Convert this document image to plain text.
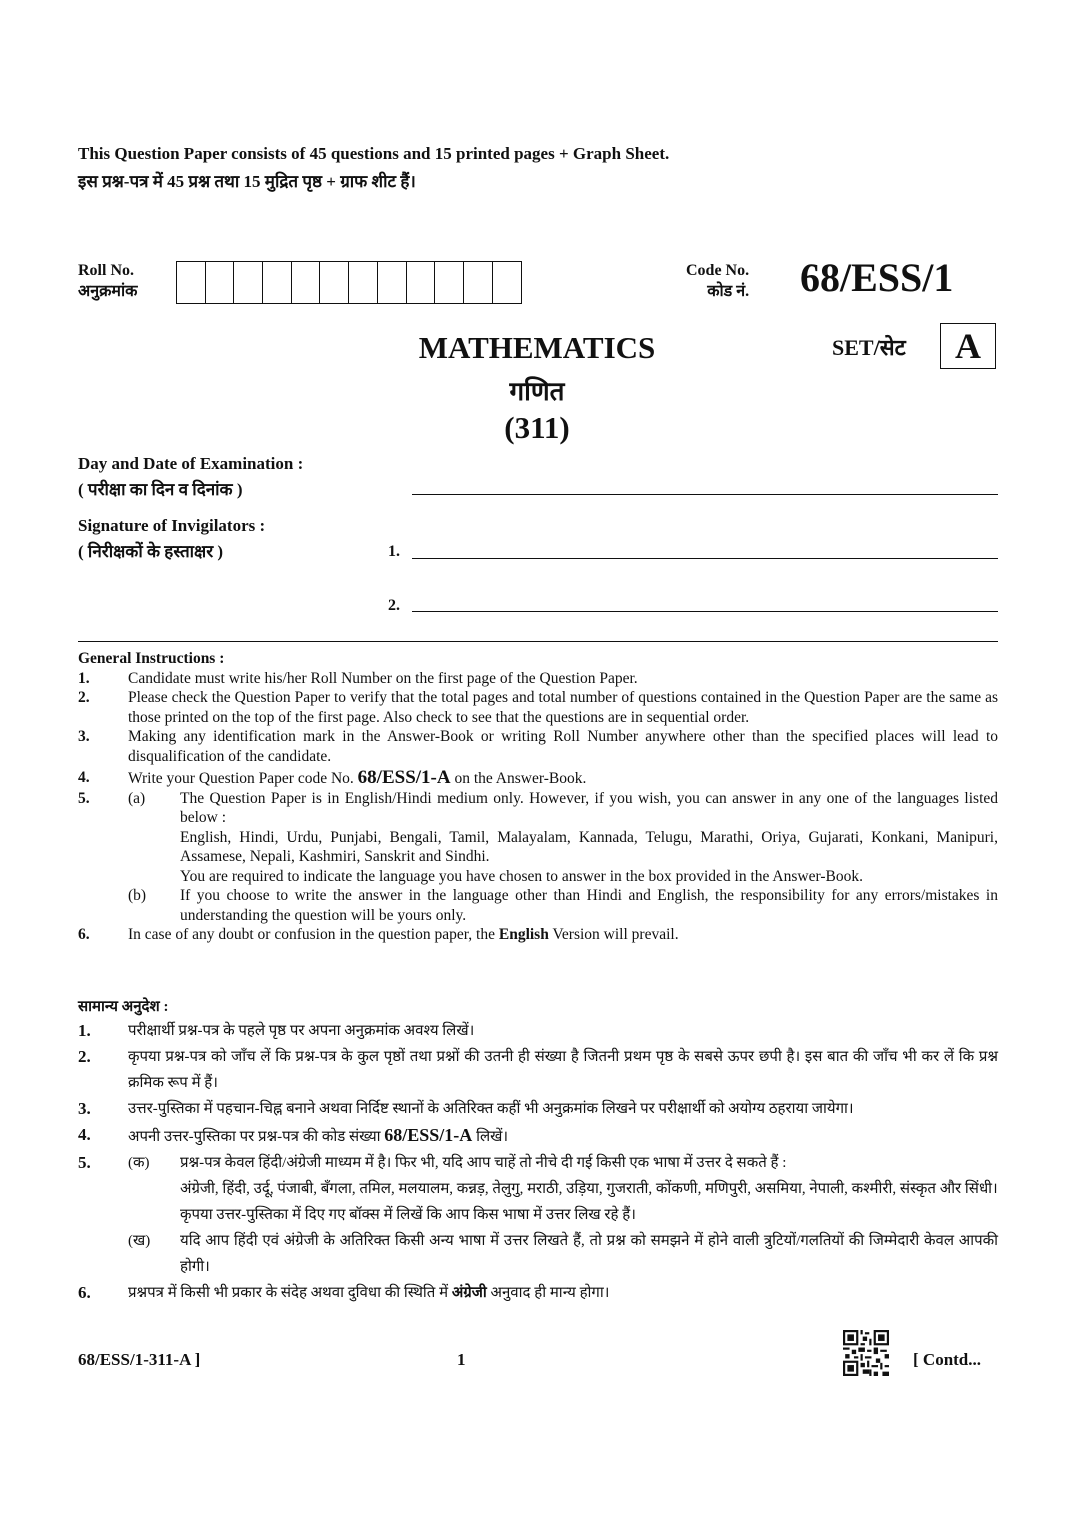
This Question Paper consists of 45 questions and 15 printed pages + Graph Sheet.
इस प्रश्न-पत्र में 45 प्रश्न तथा 15 मुद्रित पृष्ठ + ग्राफ शीट हैं।
Roll No.
अनुक्रमांक
Code No.
कोड नं. 68/ESS/1
SET/सेट	A
MATHEMATICS
गणित
(311)
Day and Date of Examination :
( परीक्षा का दिन व दिनांक )
Signature of Invigilators :
( निरीक्षकों के हस्ताक्षर )	1.
2.
General Instructions :
1.	Candidate must write his/her Roll Number on the first page of the Question Paper.
2.	Please check the Question Paper to verify that the total pages and total number of questions contained in the Question Paper are the same as those printed on the top of the first page. Also check to see that the questions are in sequential order.
3.	Making any identification mark in the Answer-Book or writing Roll Number anywhere other than the specified places will lead to disqualification of the candidate.
4.	Write your Question Paper code No. 68/ESS/1-A on the Answer-Book.
5.	(a)	The Question Paper is in English/Hindi medium only. However, if you wish, you can answer in any one of the languages listed below :
English, Hindi, Urdu, Punjabi, Bengali, Tamil, Malayalam, Kannada, Telugu, Marathi, Oriya, Gujarati, Konkani, Manipuri, Assamese, Nepali, Kashmiri, Sanskrit and Sindhi.
You are required to indicate the language you have chosen to answer in the box provided in the Answer-Book.
(b)	If you choose to write the answer in the language other than Hindi and English, the responsibility for any errors/mistakes in understanding the question will be yours only.
6.	In case of any doubt or confusion in the question paper, the English Version will prevail.
सामान्य अनुदेश :
1.	परीक्षार्थी प्रश्न-पत्र के पहले पृष्ठ पर अपना अनुक्रमांक अवश्य लिखें।
2.	कृपया प्रश्न-पत्र को जाँच लें कि प्रश्न-पत्र के कुल पृष्ठों तथा प्रश्नों की उतनी ही संख्या है जितनी प्रथम पृष्ठ के सबसे ऊपर छपी है। इस बात की जाँच भी कर लें कि प्रश्न क्रमिक रूप में हैं।
3.	उत्तर-पुस्तिका में पहचान-चिह्न बनाने अथवा निर्दिष्ट स्थानों के अतिरिक्त कहीं भी अनुक्रमांक लिखने पर परीक्षार्थी को अयोग्य ठहराया जायेगा।
4.	अपनी उत्तर-पुस्तिका पर प्रश्न-पत्र की कोड संख्या 68/ESS/1-A लिखें।
5.	(क)	प्रश्न-पत्र केवल हिंदी/अंग्रेजी माध्यम में है। फिर भी, यदि आप चाहें तो नीचे दी गई किसी एक भाषा में उत्तर दे सकते हैं :
अंग्रेजी, हिंदी, उर्दू, पंजाबी, बँगला, तमिल, मलयालम, कन्नड़, तेलुगु, मराठी, उड़िया, गुजराती, कोंकणी, मणिपुरी, असमिया, नेपाली, कश्मीरी, संस्कृत और सिंधी।
कृपया उत्तर-पुस्तिका में दिए गए बॉक्स में लिखें कि आप किस भाषा में उत्तर लिख रहे हैं।
(ख)	यदि आप हिंदी एवं अंग्रेजी के अतिरिक्त किसी अन्य भाषा में उत्तर लिखते हैं, तो प्रश्न को समझने में होने वाली त्रुटियों/गलतियों की जिम्मेदारी केवल आपकी होगी।
6.	प्रश्नपत्र में किसी भी प्रकार के संदेह अथवा दुविधा की स्थिति में अंग्रेजी अनुवाद ही मान्य होगा।
68/ESS/1-311-A ]	1	[ Contd...
